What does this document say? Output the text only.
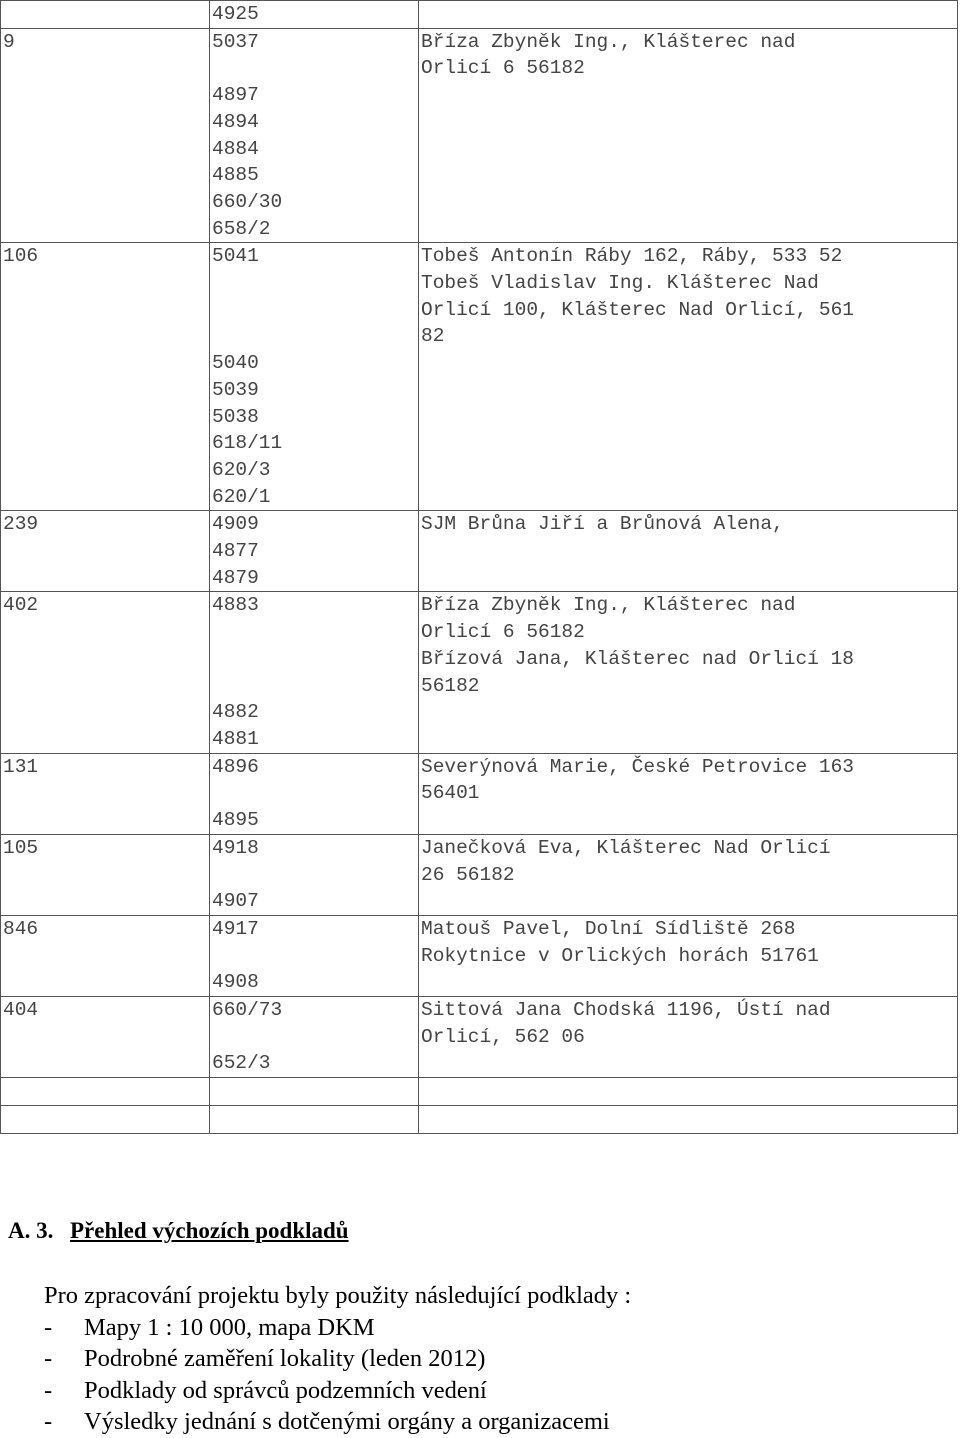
	4925	
9	5037	Bříza Zbyněk Ing., Klášterec nad
		Orlicí 6 56182
	4897	
	4894	
	4884	
	4885	
	660/30	
	658/2	
106	5041	Tobeš Antonín Ráby 162, Ráby, 533 52
		Tobeš Vladislav Ing. Klášterec Nad
		Orlicí 100, Klášterec Nad Orlicí, 561
		82
	5040	
	5039	
	5038	
	618/11	
	620/3	
	620/1	
239	4909	SJM Brůna Jiří a Brůnová Alena,
	4877	
	4879	
402	4883	Bříza Zbyněk Ing., Klášterec nad
		Orlicí 6 56182
		Břízová Jana, Klášterec nad Orlicí 18
		56182
	4882	
	4881	
131	4896	Severýnová Marie, České Petrovice 163
		56401
	4895	
105	4918	Janečková Eva, Klášterec Nad Orlicí
		26 56182
	4907	
846	4917	Matouš Pavel, Dolní Sídliště 268
		Rokytnice v Orlických horách 51761
	4908	
404	660/73	Sittová Jana Chodská 1196, Ústí nad
		Orlicí, 562 06
	652/3	

A. 3. Přehled výchozích podkladů
Pro zpracování projektu byly použity následující podklady :
- Mapy 1 : 10 000, mapa DKM
- Podrobné zaměření lokality (leden 2012)
- Podklady od správců podzemních vedení
- Výsledky jednání s dotčenými orgány a organizacemi
